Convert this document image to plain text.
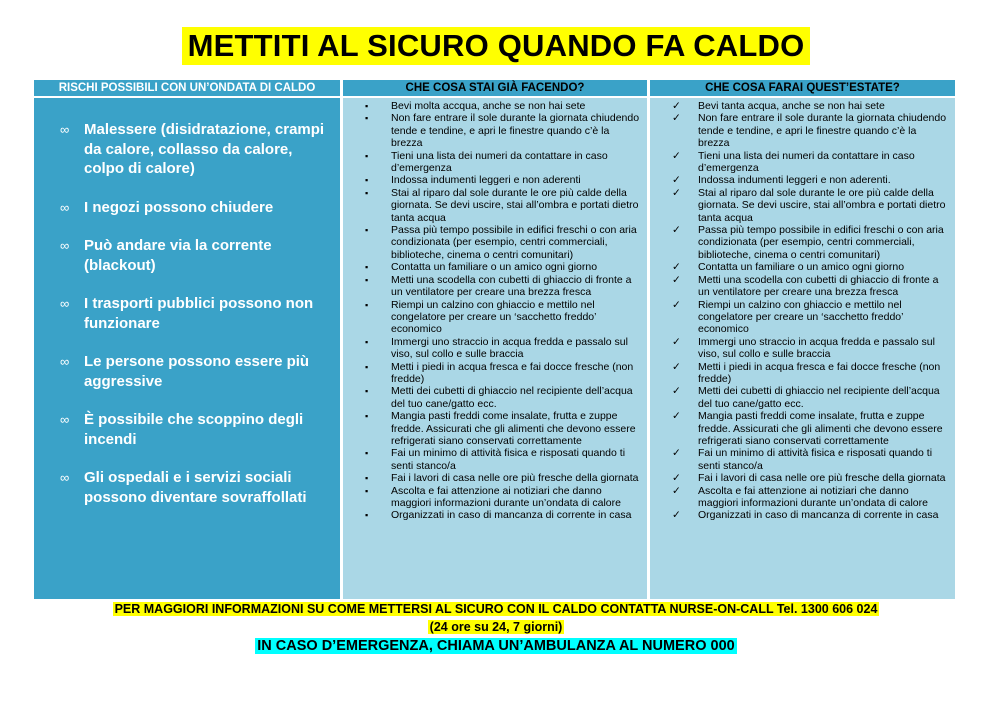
METTITI AL SICURO QUANDO FA CALDO
RISCHI POSSIBILI CON UN’ONDATA DI CALDO	CHE COSA STAI GIÀ FACENDO?	CHE COSA FARAI QUEST’ESTATE?
∞ Malessere (disidratazione, crampi da calore, collasso da calore, colpo di calore)
∞ I negozi possono chiudere
∞ Può andare via la corrente (blackout)
∞ I trasporti pubblici possono non funzionare
∞ Le persone possono essere più aggressive
∞ È possibile che scoppino degli incendi
∞ Gli ospedali e i servizi sociali possono diventare sovraffollati
▪ Bevi molta accqua, anche se non hai sete
▪ Non fare entrare il sole durante la giornata chiudendo tende e tendine, e apri le finestre quando c’è la brezza
▪ Tieni una lista dei numeri da contattare in caso d’emergenza
▪ Indossa indumenti leggeri e non aderenti
▪ Stai al riparo dal sole durante le ore più calde della giornata. Se devi uscire, stai all’ombra e portati dietro tanta acqua
▪ Passa più tempo possibile in edifici freschi o con aria condizionata (per esempio, centri commerciali, biblioteche, cinema o centri comunitari)
▪ Contatta un familiare o un amico ogni giorno
▪ Metti una scodella con cubetti di ghiaccio di fronte a un ventilatore per creare una brezza fresca
▪ Riempi un calzino con ghiaccio e mettilo nel congelatore per creare un ‘sacchetto freddo’ economico
▪ Immergi uno straccio in acqua fredda e passalo sul viso, sul collo e sulle braccia
▪ Metti i piedi in acqua fresca e fai docce fresche (non fredde)
▪ Metti dei cubetti di ghiaccio nel recipiente dell’acqua del tuo cane/gatto ecc.
▪ Mangia pasti freddi come insalate, frutta e zuppe fredde. Assicurati che gli alimenti che devono essere refrigerati siano conservati correttamente
▪ Fai un minimo di attività fisica e risposati quando ti senti stanco/a
▪ Fai i lavori di casa nelle ore più fresche della giornata
▪ Ascolta e fai attenzione ai notiziari che danno maggiori informazioni durante un’ondata di calore
▪ Organizzati in caso di mancanza di corrente in casa
✓ Bevi tanta acqua, anche se non hai sete
✓ Non fare entrare il sole durante la giornata chiudendo tende e tendine, e apri le finestre quando c’è la brezza
✓ Tieni una lista dei numeri da contattare in caso d’emergenza
✓ Indossa indumenti leggeri e non aderenti.
✓ Stai al riparo dal sole durante le ore più calde della giornata. Se devi uscire, stai all’ombra e portati dietro tanta acqua
✓ Passa più tempo possibile in edifici freschi o con aria condizionata (per esempio, centri commerciali, biblioteche, cinema o centri comunitari)
✓ Contatta un familiare o un amico ogni giorno
✓ Metti una scodella con cubetti di ghiaccio di fronte a un ventilatore per creare una brezza fresca
✓ Riempi un calzino con ghiaccio e mettilo nel congelatore per creare un ‘sacchetto freddo’ economico
✓ Immergi uno straccio in acqua fredda e passalo sul viso, sul collo e sulle braccia
✓ Metti i piedi in acqua fresca e fai docce fresche (non fredde)
✓ Metti dei cubetti di ghiaccio nel recipiente dell’acqua del tuo cane/gatto ecc.
✓ Mangia pasti freddi come insalate, frutta e zuppe fredde. Assicurati che gli alimenti che devono essere refrigerati siano conservati correttamente
✓ Fai un minimo di attività fisica e risposati quando ti senti stanco/a
✓ Fai i lavori di casa nelle ore più fresche della giornata
✓ Ascolta e fai attenzione ai notiziari che danno maggiori informazioni durante un’ondata di calore
✓ Organizzati in caso di mancanza di corrente in casa
PER MAGGIORI INFORMAZIONI SU COME METTERSI AL SICURO CON IL CALDO CONTATTA NURSE-ON-CALL Tel. 1300 606 024
(24 ore su 24, 7 giorni)
IN CASO D’EMERGENZA, CHIAMA UN’AMBULANZA AL NUMERO 000
